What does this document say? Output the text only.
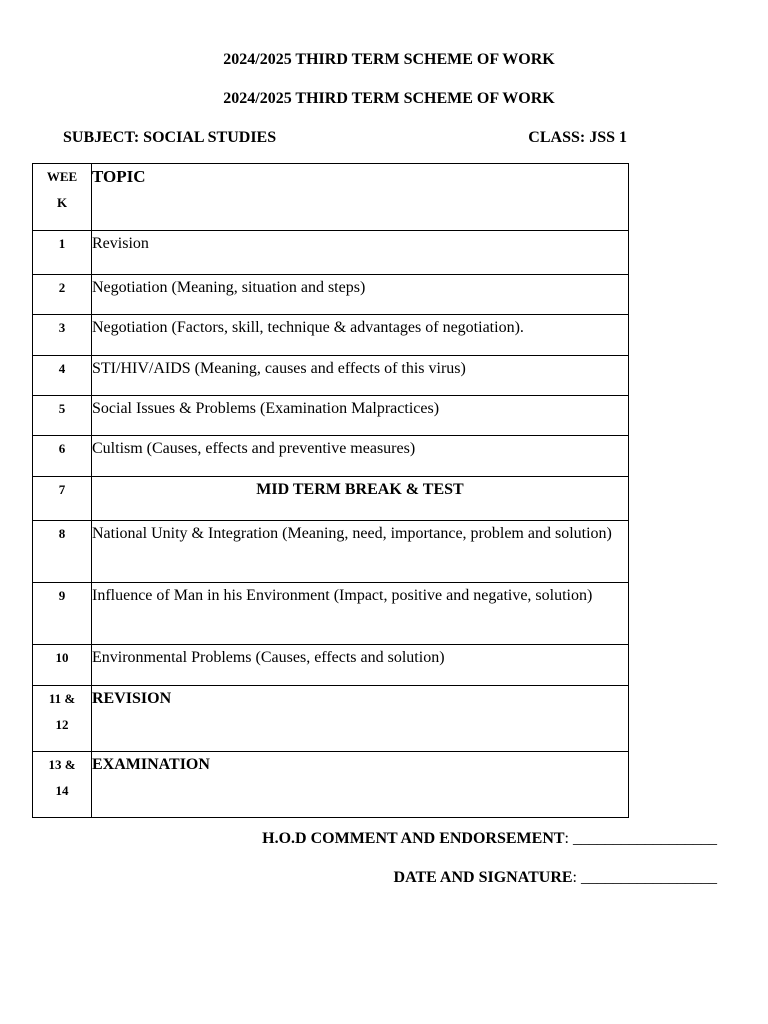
2024/2025 THIRD TERM SCHEME OF WORK
2024/2025 THIRD TERM SCHEME OF WORK
SUBJECT: SOCIAL STUDIES	CLASS: JSS 1
WEEK	TOPIC
1	Revision
2	Negotiation (Meaning, situation and steps)
3	Negotiation (Factors, skill, technique & advantages of negotiation).
4	STI/HIV/AIDS (Meaning, causes and effects of this virus)
5	Social Issues & Problems (Examination Malpractices)
6	Cultism (Causes, effects and preventive measures)
7	MID TERM BREAK & TEST
8	National Unity & Integration (Meaning, need, importance, problem and solution)
9	Influence of Man in his Environment (Impact, positive and negative, solution)
10	Environmental Problems (Causes, effects and solution)

11 & 12	REVISION

13 & 14	EXAMINATION
H.O.D COMMENT AND ENDORSEMENT: __________________
DATE AND SIGNATURE: _________________
